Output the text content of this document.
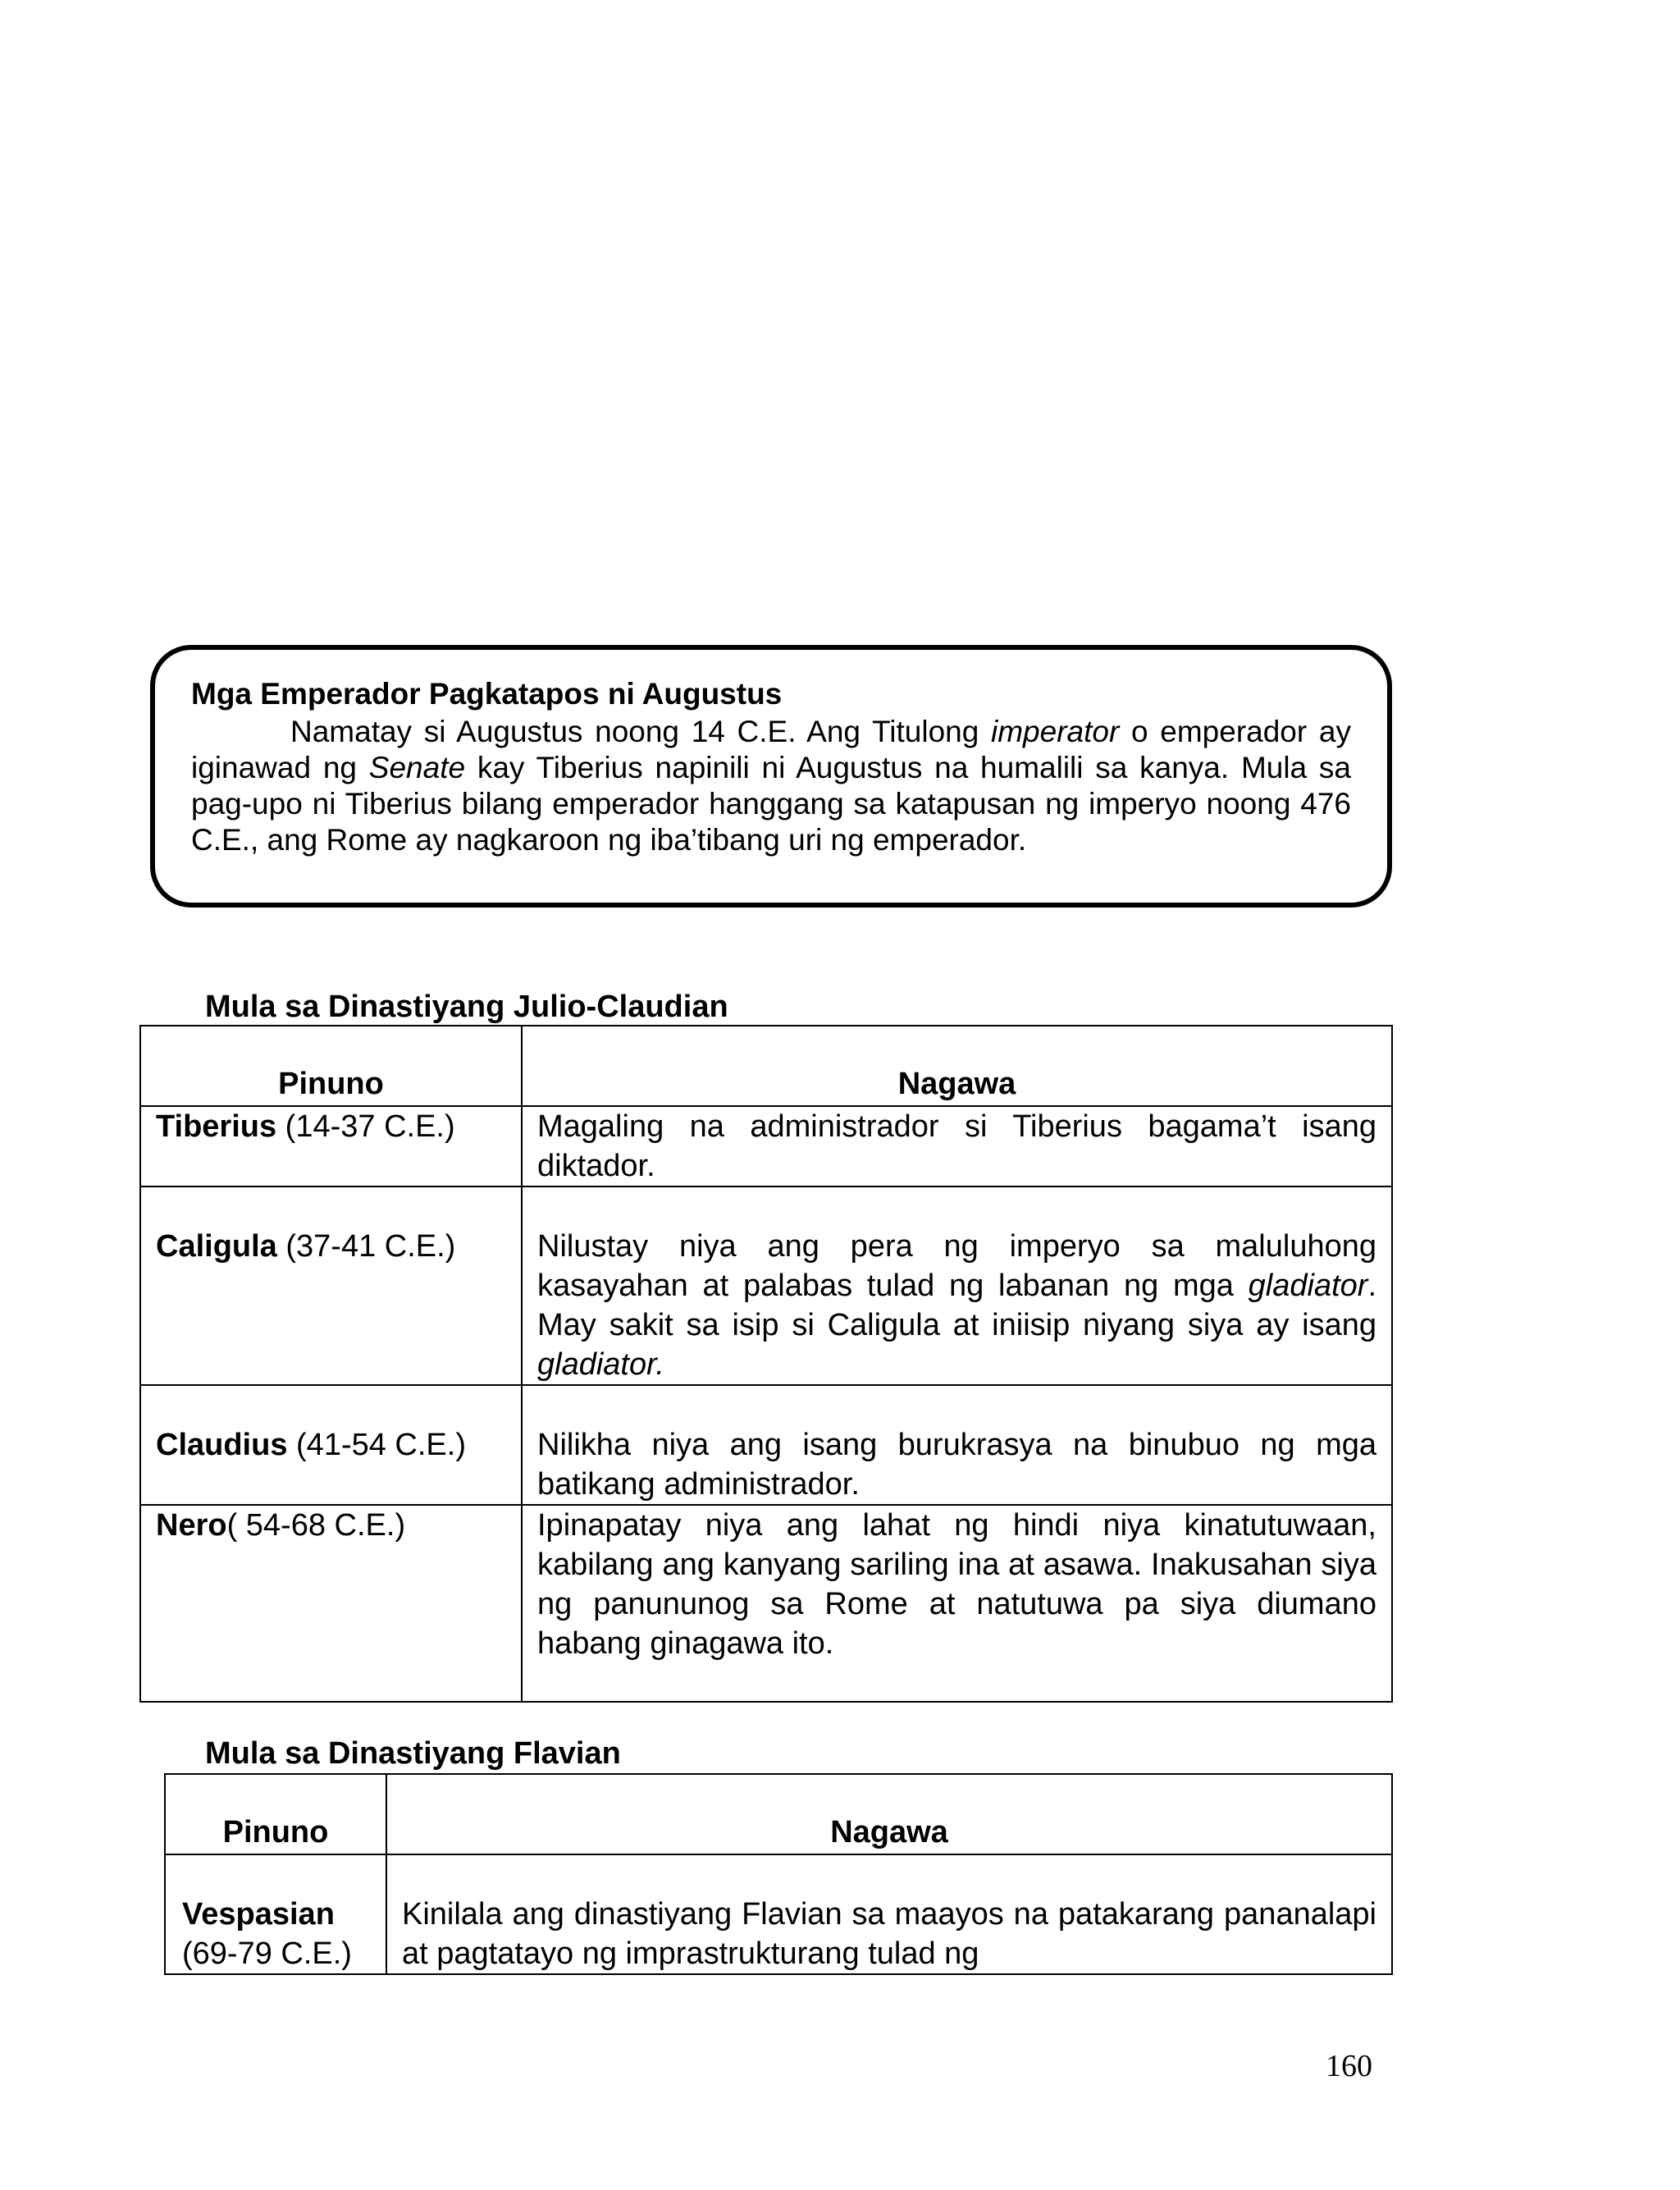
Mga Emperador Pagkatapos ni Augustus
Namatay si Augustus noong 14 C.E. Ang Titulong imperator o emperador ay iginawad ng Senate kay Tiberius napinili ni Augustus na humalili sa kanya. Mula sa pag-upo ni Tiberius bilang emperador hanggang sa katapusan ng imperyo noong 476 C.E., ang Rome ay nagkaroon ng iba’tibang uri ng emperador.
Mula sa Dinastiyang Julio-Claudian
Pinuno	Nagawa
Tiberius (14-37 C.E.)	Magaling na administrador si Tiberius bagama’t isang diktador.

Caligula (37-41 C.E.)	Nilustay niya ang pera ng imperyo sa maluluhong kasayahan at palabas tulad ng labanan ng mga gladiator. May sakit sa isip si Caligula at iniisip niyang siya ay isang gladiator.

Claudius (41-54 C.E.)	Nilikha niya ang isang burukrasya na binubuo ng mga batikang administrador.
Nero( 54-68 C.E.)	Ipinapatay niya ang lahat ng hindi niya kinatutuwaan, kabilang ang kanyang sariling ina at asawa. Inakusahan siya ng panununog sa Rome at natutuwa pa siya diumano habang ginagawa ito.
Mula sa Dinastiyang Flavian
Pinuno	Nagawa

Vespasian
(69-79 C.E.)	Kinilala ang dinastiyang Flavian sa maayos na patakarang pananalapi at pagtatayo ng imprastrukturang tulad ng
160
